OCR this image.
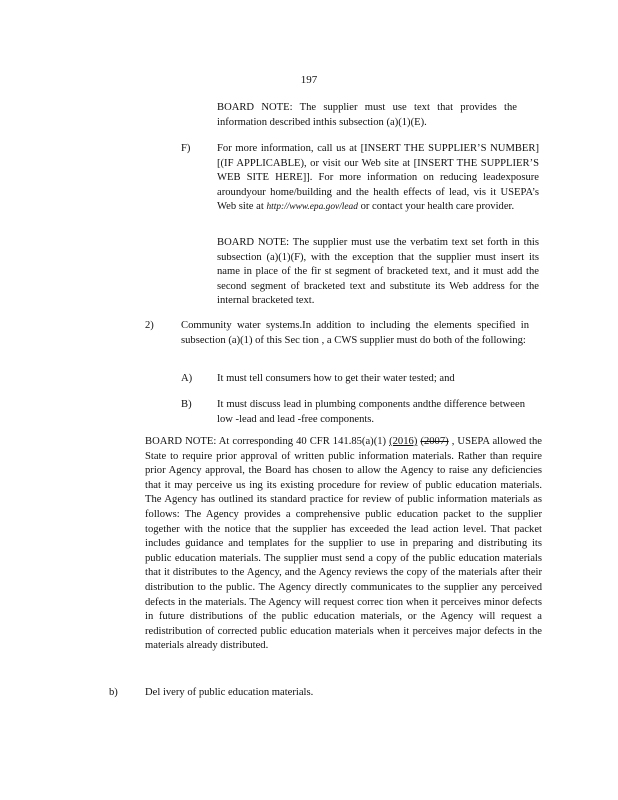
197
BOARD NOTE: The supplier must use text that provides the information described inthis subsection (a)(1)(E).
F)	For more information, call us at [INSERT THE SUPPLIER’S NUMBER] [(IF APPLICABLE), or visit our Web site at [INSERT THE SUPPLIER’S WEB SITE HERE]]. For more information on reducing leadexposure aroundyour home/building and the health effects of lead, vis it USEPA’s Web site at http://www.epa.gov/lead or contact your health care provider.
BOARD NOTE: The supplier must use the verbatim text set forth in this subsection (a)(1)(F), with the exception that the supplier must insert its name in place of the fir st segment of bracketed text, and it must add the second segment of bracketed text and substitute its Web address for the internal bracketed text.
2)	Community water systems.In addition to including the elements specified in subsection (a)(1) of this Sec tion , a CWS supplier must do both of the following:
A) It must tell consumers how to get their water tested; and
B) It must discuss lead in plumbing components andthe difference between low -lead and lead -free components.
BOARD NOTE: At corresponding 40 CFR 141.85(a)(1) (2016) (2007) , USEPA allowed the State to require prior approval of written public information materials. Rather than require prior Agency approval, the Board has chosen to allow the Agency to raise any deficiencies that it may perceive us ing its existing procedure for review of public education materials. The Agency has outlined its standard practice for review of public information materials as follows: The Agency provides a comprehensive public education packet to the supplier together with the notice that the supplier has exceeded the lead action level. That packet includes guidance and templates for the supplier to use in preparing and distributing its public education materials. The supplier must send a copy of the public education materials that it distributes to the Agency, and the Agency reviews the copy of the materials after their distribution to the public. The Agency directly communicates to the supplier any perceived defects in the materials. The Agency will request correc tion when it perceives minor defects in future distributions of the public education materials, or the Agency will request a redistribution of corrected public education materials when it perceives major defects in the materials already distributed.
b)	Del ivery of public education materials.
